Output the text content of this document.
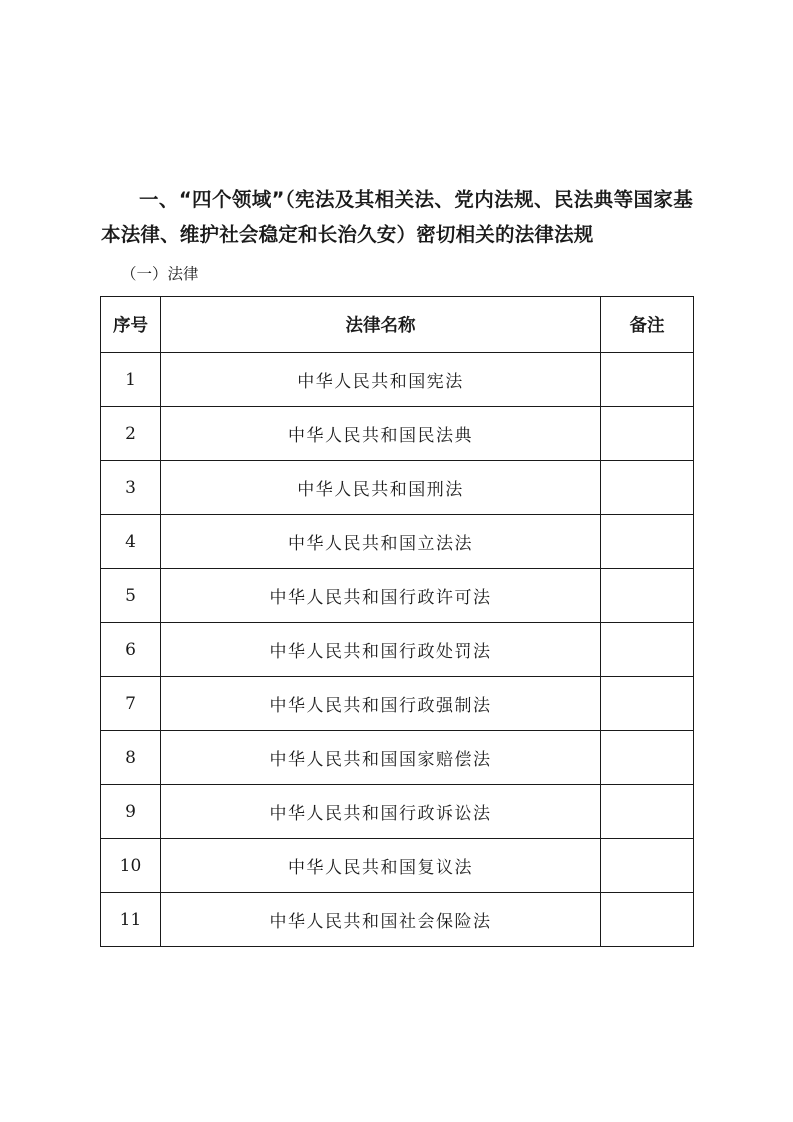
一、“四个领域”（宪法及其相关法、党内法规、民法典等国家基本法律、维护社会稳定和长治久安）密切相关的法律法规

（一）法律

序号	法律名称	备注
1	中华人民共和国宪法	
2	中华人民共和国民法典	
3	中华人民共和国刑法	
4	中华人民共和国立法法	
5	中华人民共和国行政许可法	
6	中华人民共和国行政处罚法	
7	中华人民共和国行政强制法	
8	中华人民共和国国家赔偿法	
9	中华人民共和国行政诉讼法	
10	中华人民共和国复议法	
11	中华人民共和国社会保险法	
